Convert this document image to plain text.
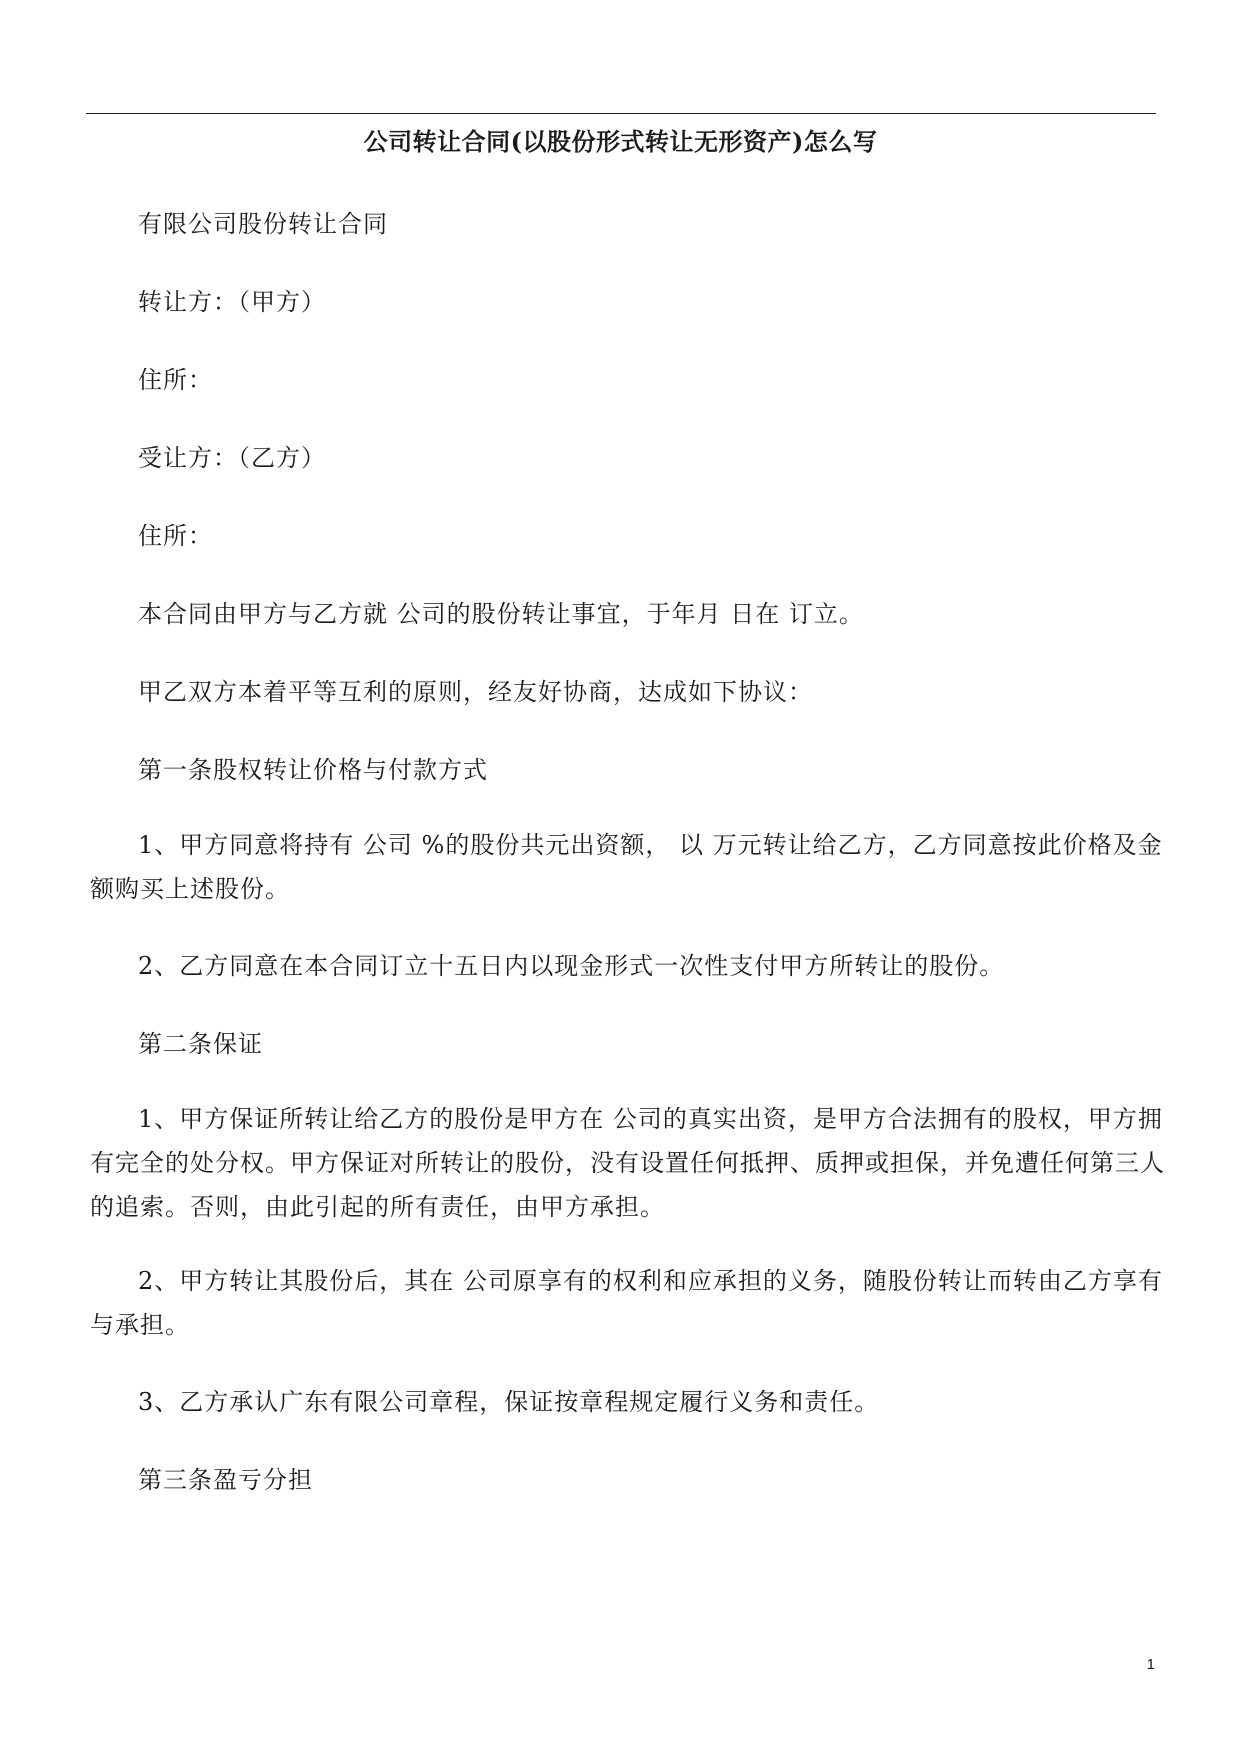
公司转让合同(以股份形式转让无形资产)怎么写

有限公司股份转让合同

转让方：（甲方）

住所：

受让方：（乙方）

住所：

本合同由甲方与乙方就 公司的股份转让事宜，于年月 日在 订立。

甲乙双方本着平等互利的原则，经友好协商，达成如下协议：

第一条股权转让价格与付款方式

1、甲方同意将持有 公司 %的股份共元出资额， 以 万元转让给乙方，乙方同意按此价格及金额购买上述股份。

2、乙方同意在本合同订立十五日内以现金形式一次性支付甲方所转让的股份。

第二条保证

1、甲方保证所转让给乙方的股份是甲方在 公司的真实出资，是甲方合法拥有的股权，甲方拥有完全的处分权。甲方保证对所转让的股份，没有设置任何抵押、质押或担保，并免遭任何第三人的追索。否则，由此引起的所有责任，由甲方承担。

2、甲方转让其股份后，其在 公司原享有的权利和应承担的义务，随股份转让而转由乙方享有与承担。

3、乙方承认广东有限公司章程，保证按章程规定履行义务和责任。

第三条盈亏分担

1
